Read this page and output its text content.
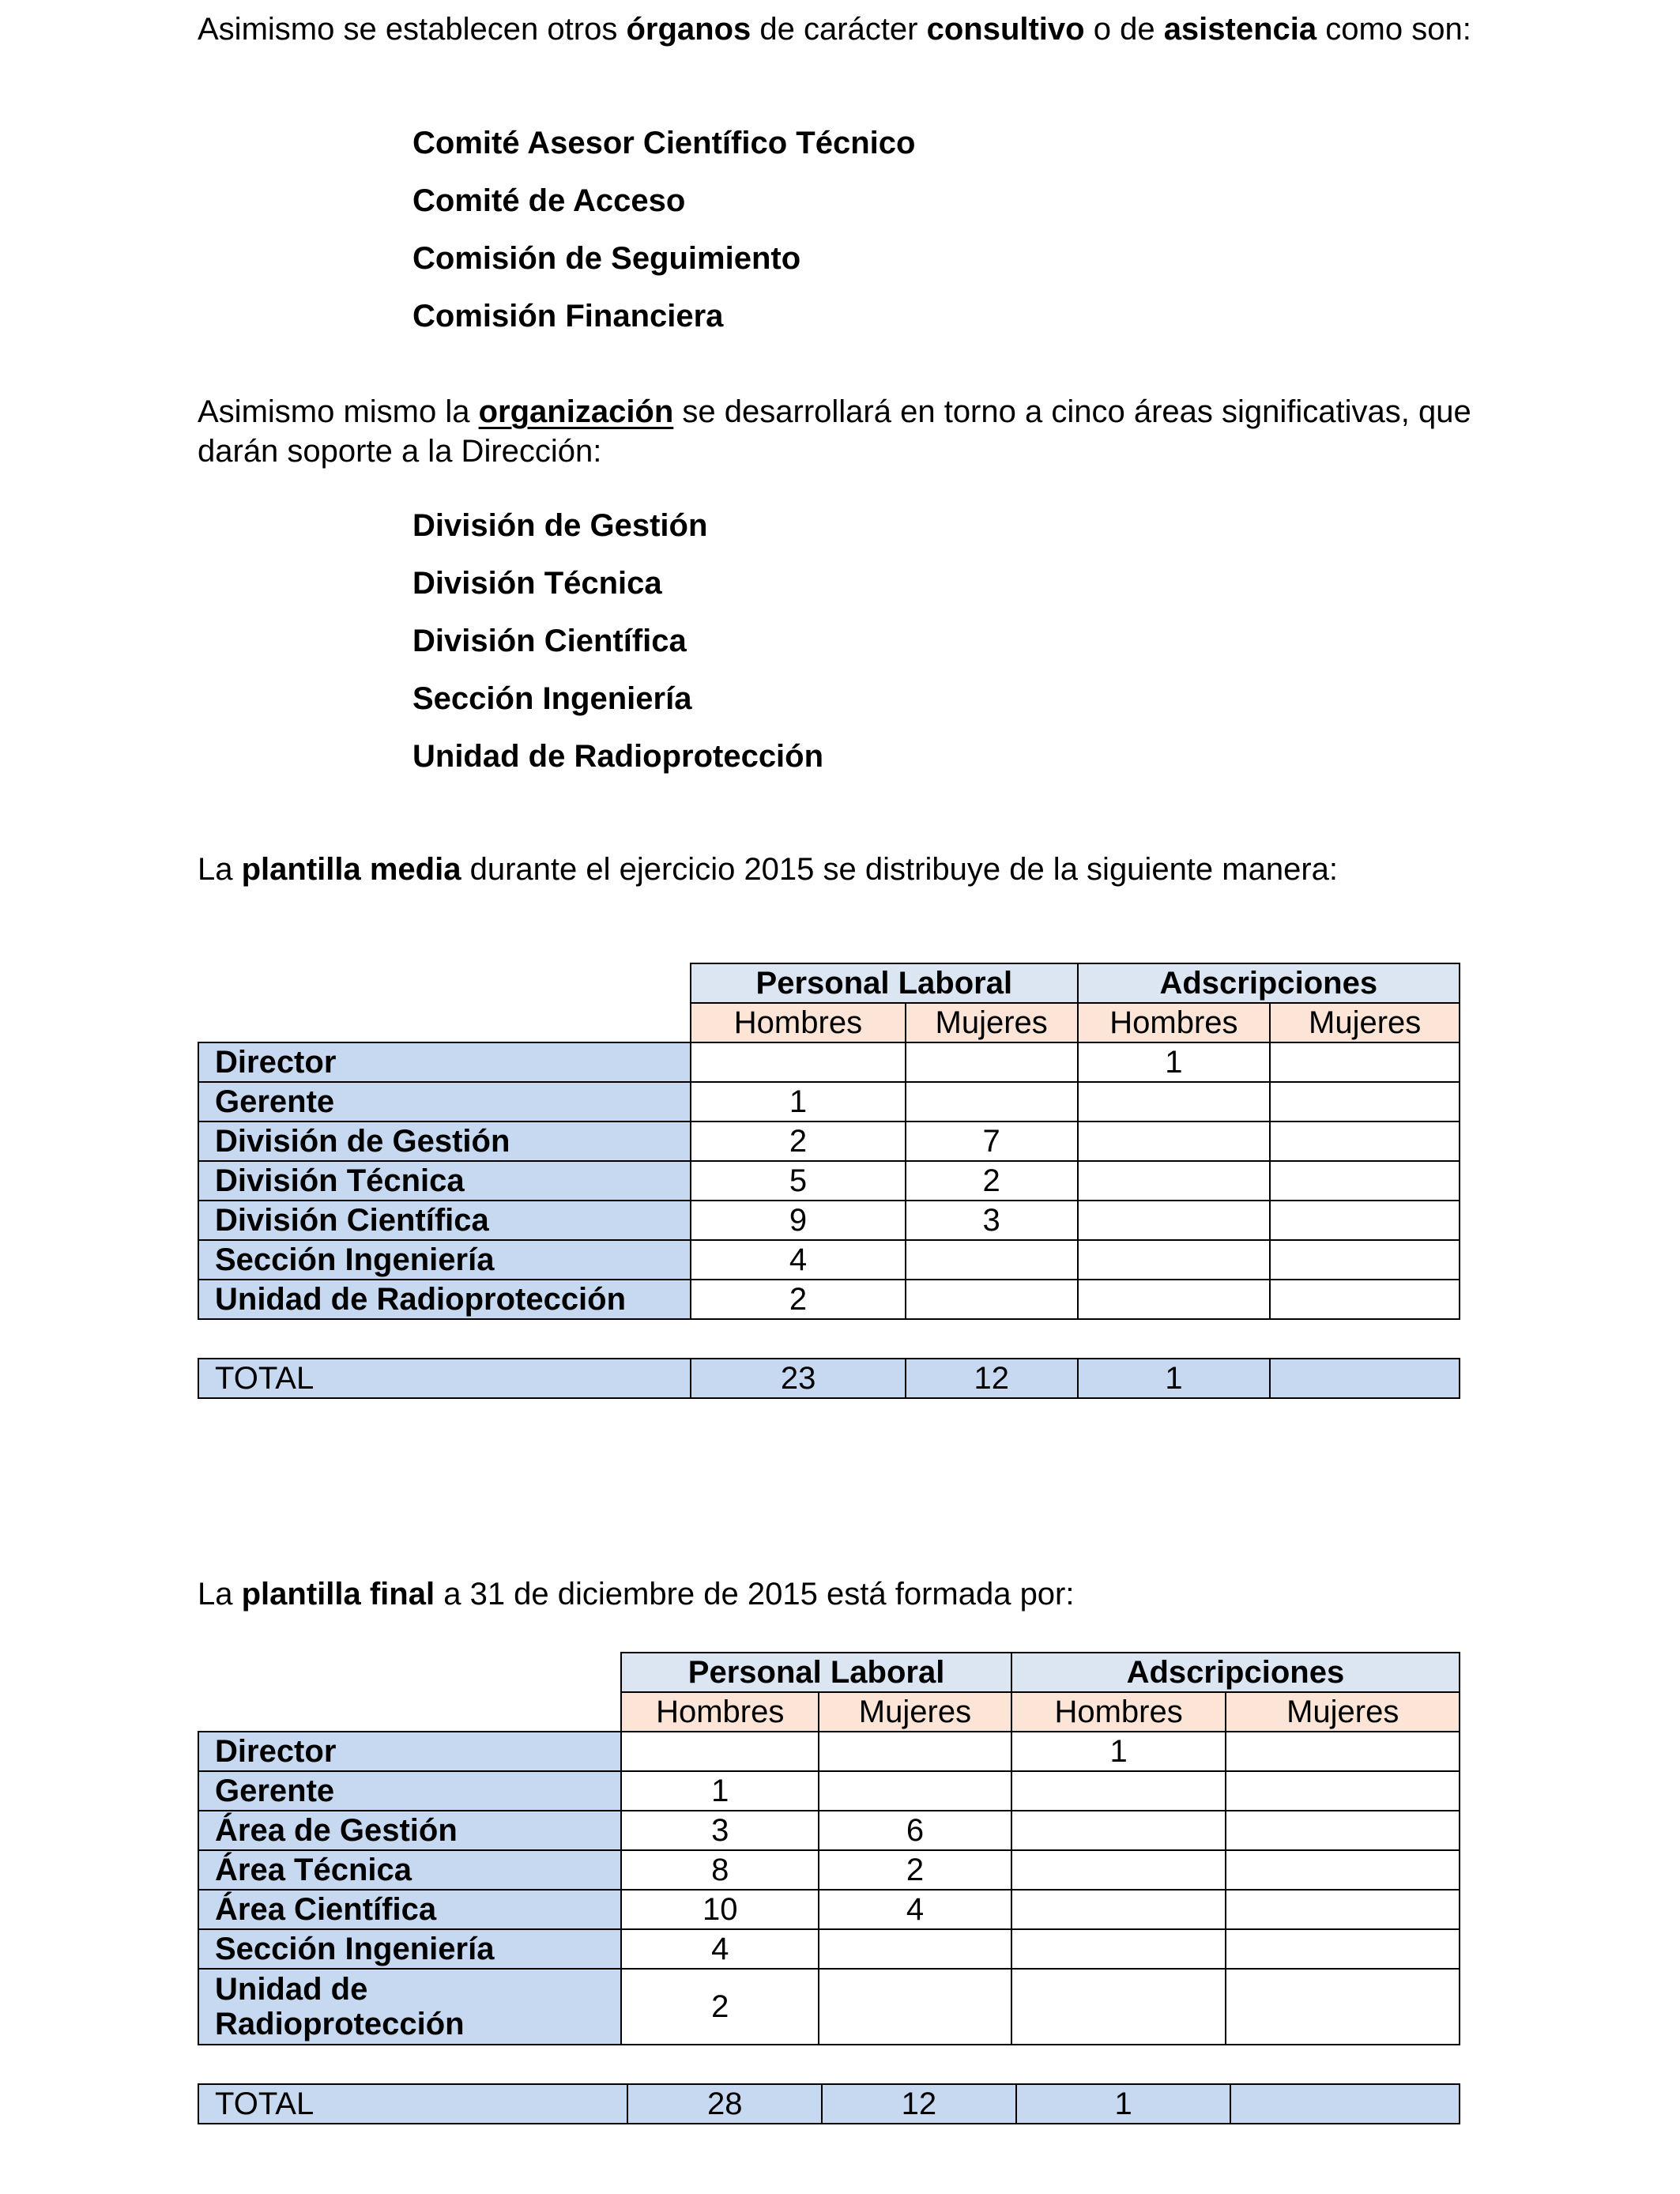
Asimismo se establecen otros órganos de carácter consultivo o de asistencia como son:

Comité Asesor Científico Técnico

Comité de Acceso

Comisión de Seguimiento

Comisión Financiera

Asimismo mismo la organización se desarrollará en torno a cinco áreas significativas, que darán soporte a la Dirección:

División de Gestión

División Técnica

División Científica

Sección Ingeniería

Unidad de Radioprotección

La plantilla media durante el ejercicio 2015 se distribuye de la siguiente manera:

	Personal Laboral		Adscripciones	
	Hombres	Mujeres	Hombres	Mujeres
Director			1	
Gerente	1			
División de Gestión	2	7		
División Técnica	5	2		
División Científica	9	3		
Sección Ingeniería	4			
Unidad de Radioprotección	2			
TOTAL	23	12	1	

La plantilla final a 31 de diciembre de 2015 está formada por:

	Personal Laboral		Adscripciones	
	Hombres	Mujeres	Hombres	Mujeres
Director			1	
Gerente	1			
Área de Gestión	3	6		
Área Técnica	8	2		
Área Científica	10	4		
Sección Ingeniería	4			
Unidad de Radioprotección	2			
TOTAL	28	12	1	
